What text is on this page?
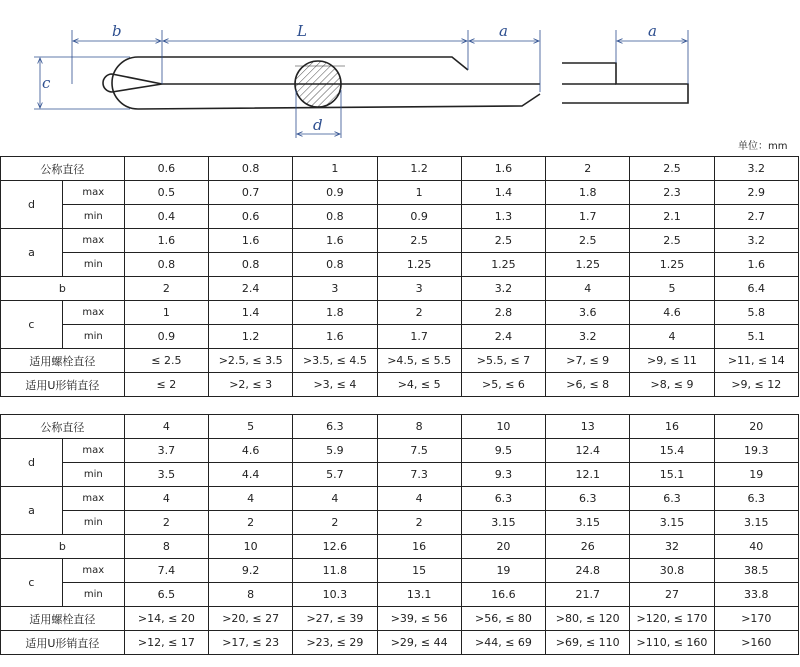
b	L	a	a
c
d
单位：mm
公称直径		0.6	0.8	1	1.2	1.6	2	2.5	3.2
d	max	0.5	0.7	0.9	1	1.4	1.8	2.3	2.9
	min	0.4	0.6	0.8	0.9	1.3	1.7	2.1	2.7
a	max	1.6	1.6	1.6	2.5	2.5	2.5	2.5	3.2
	min	0.8	0.8	0.8	1.25	1.25	1.25	1.25	1.6
b		2	2.4	3	3	3.2	4	5	6.4
c	max	1	1.4	1.8	2	2.8	3.6	4.6	5.8
	min	0.9	1.2	1.6	1.7	2.4	3.2	4	5.1
适用螺栓直径		≤ 2.5	>2.5, ≤ 3.5	>3.5, ≤ 4.5	>4.5, ≤ 5.5	>5.5, ≤ 7	>7, ≤ 9	>9, ≤ 11	>11, ≤ 14
适用U形销直径		≤ 2	>2, ≤ 3	>3, ≤ 4	>4, ≤ 5	>5, ≤ 6	>6, ≤ 8	>8, ≤ 9	>9, ≤ 12
公称直径		4	5	6.3	8	10	13	16	20
d	max	3.7	4.6	5.9	7.5	9.5	12.4	15.4	19.3
	min	3.5	4.4	5.7	7.3	9.3	12.1	15.1	19
a	max	4	4	4	4	6.3	6.3	6.3	6.3
	min	2	2	2	2	3.15	3.15	3.15	3.15
b		8	10	12.6	16	20	26	32	40
c	max	7.4	9.2	11.8	15	19	24.8	30.8	38.5
	min	6.5	8	10.3	13.1	16.6	21.7	27	33.8
适用螺栓直径		>14, ≤ 20	>20, ≤ 27	>27, ≤ 39	>39, ≤ 56	>56, ≤ 80	>80, ≤ 120	>120, ≤ 170	>170
适用U形销直径		>12, ≤ 17	>17, ≤ 23	>23, ≤ 29	>29, ≤ 44	>44, ≤ 69	>69, ≤ 110	>110, ≤ 160	>160
